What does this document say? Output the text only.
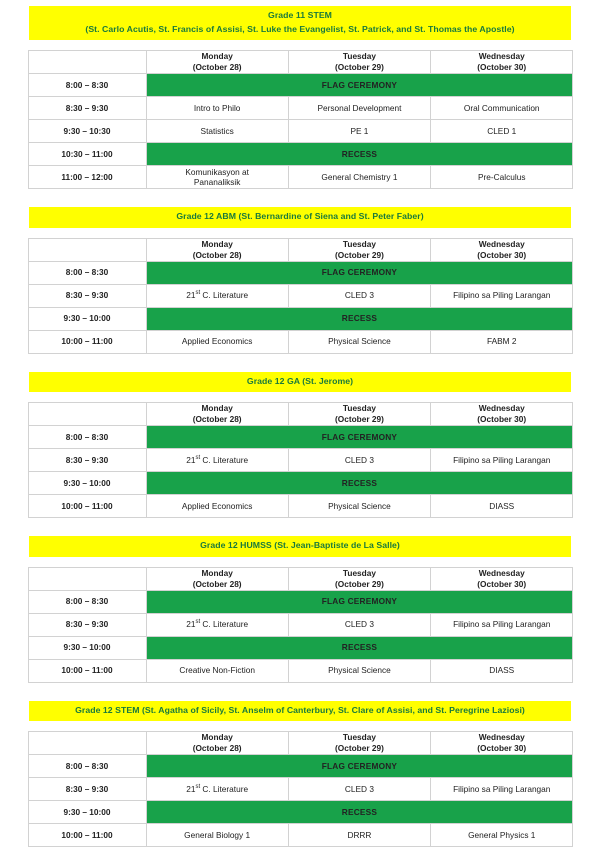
Grade 11 STEM
(St. Carlo Acutis, St. Francis of Assisi, St. Luke the Evangelist, St. Patrick, and St. Thomas the Apostle)

	Monday
(October 28)	Tuesday
(October 29)	Wednesday
(October 30)

8:00 – 8:30	FLAG CEREMONY		
8:30 – 9:30	Intro to Philo	Personal Development	Oral Communication
9:30 – 10:30	Statistics	PE 1	CLED 1
10:30 – 11:00	RECESS		
11:00 – 12:00	Komunikasyon at
Pananaliksik	General Chemistry 1	Pre-Calculus
Grade 12 ABM (St. Bernardine of Siena and St. Peter Faber)

	Monday
(October 28)	Tuesday
(October 29)	Wednesday
(October 30)

8:00 – 8:30	FLAG CEREMONY		
8:30 – 9:30	21st C. Literature	CLED 3	Filipino sa Piling Larangan
9:30 – 10:00	RECESS		
10:00 – 11:00	Applied Economics	Physical Science	FABM 2
Grade 12 GA (St. Jerome)

	Monday
(October 28)	Tuesday
(October 29)	Wednesday
(October 30)

8:00 – 8:30	FLAG CEREMONY		
8:30 – 9:30	21st C. Literature	CLED 3	Filipino sa Piling Larangan
9:30 – 10:00	RECESS		
10:00 – 11:00	Applied Economics	Physical Science	DIASS
Grade 12 HUMSS (St. Jean-Baptiste de La Salle)

	Monday
(October 28)	Tuesday
(October 29)	Wednesday
(October 30)

8:00 – 8:30	FLAG CEREMONY		
8:30 – 9:30	21st C. Literature	CLED 3	Filipino sa Piling Larangan
9:30 – 10:00	RECESS		
10:00 – 11:00	Creative Non-Fiction	Physical Science	DIASS
Grade 12 STEM (St. Agatha of Sicily, St. Anselm of Canterbury, St. Clare of Assisi, and St. Peregrine Laziosi)

	Monday
(October 28)	Tuesday
(October 29)	Wednesday
(October 30)

8:00 – 8:30	FLAG CEREMONY		
8:30 – 9:30	21st C. Literature	CLED 3	Filipino sa Piling Larangan
9:30 – 10:00	RECESS		
10:00 – 11:00	General Biology 1	DRRR	General Physics 1
